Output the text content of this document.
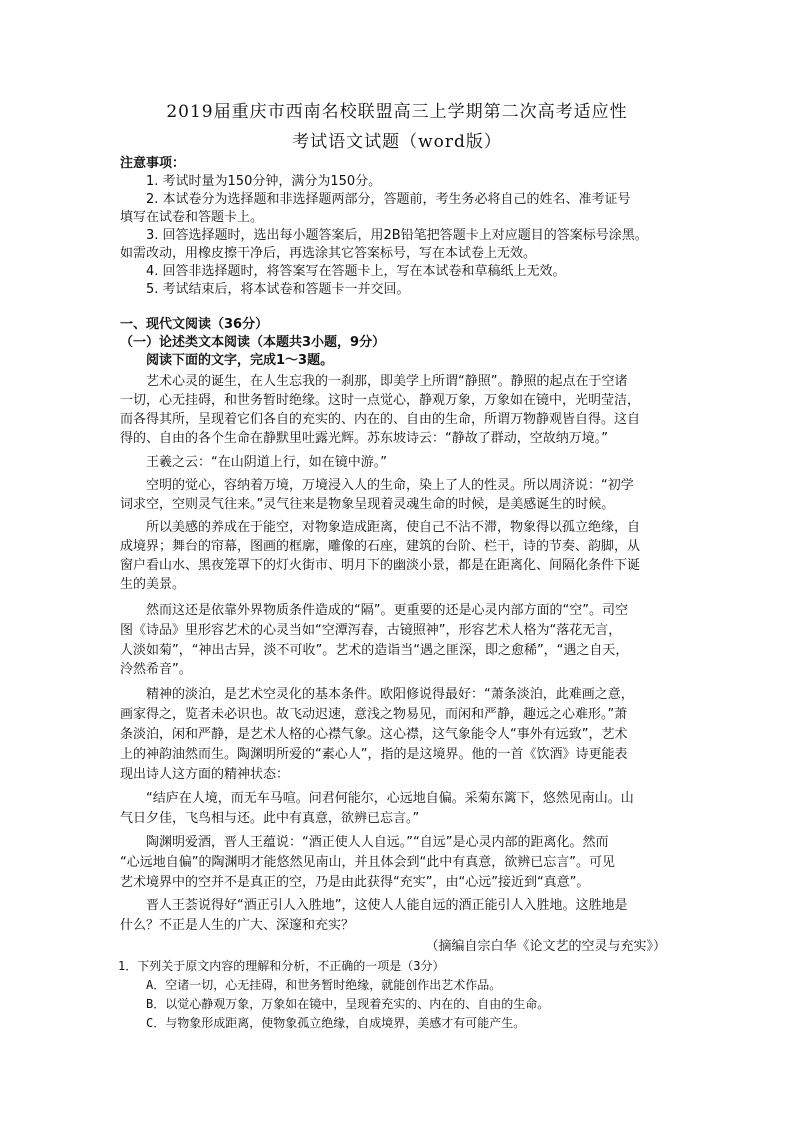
2019届重庆市西南名校联盟高三上学期第二次高考适应性
考试语文试题（word版）
注意事项：
1. 考试时量为150分钟，满分为150分。
2. 本试卷分为选择题和非选择题两部分，答题前，考生务必将自己的姓名、准考证号
填写在试卷和答题卡上。
3. 回答选择题时，选出每小题答案后，用2B铅笔把答题卡上对应题目的答案标号涂黑。
如需改动，用橡皮擦干净后，再选涂其它答案标号，写在本试卷上无效。
4. 回答非选择题时，将答案写在答题卡上，写在本试卷和草稿纸上无效。
5. 考试结束后，将本试卷和答题卡一并交回。
一、现代文阅读（36分）
（一）论述类文本阅读（本题共3小题，9分）
阅读下面的文字，完成1～3题。
艺术心灵的诞生，在人生忘我的一刹那，即美学上所谓“静照”。静照的起点在于空诸
一切，心无挂碍，和世务暂时绝缘。这时一点觉心，静观万象，万象如在镜中，光明莹洁，
而各得其所，呈现着它们各自的充实的、内在的、自由的生命，所谓万物静观皆自得。这自
得的、自由的各个生命在静默里吐露光辉。苏东坡诗云：“静故了群动，空故纳万境。”
王羲之云：“在山阴道上行，如在镜中游。”
空明的觉心，容纳着万境，万境浸入人的生命，染上了人的性灵。所以周济说：“初学
词求空，空则灵气往来。”灵气往来是物象呈现着灵魂生命的时候，是美感诞生的时候。
所以美感的养成在于能空，对物象造成距离，使自己不沾不滞，物象得以孤立绝缘，自
成境界；舞台的帘幕，图画的框廓，雕像的石座，建筑的台阶、栏干，诗的节奏、韵脚，从
窗户看山水、黑夜笼罩下的灯火街市、明月下的幽淡小景，都是在距离化、间隔化条件下诞
生的美景。
然而这还是依靠外界物质条件造成的“隔”。更重要的还是心灵内部方面的“空”。司空
图《诗品》里形容艺术的心灵当如“空潭泻春，古镜照神”，形容艺术人格为“落花无言，
人淡如菊”，“神出古异，淡不可收”。艺术的造诣当“遇之匪深，即之愈稀”，“遇之自天，
泠然希音”。
精神的淡泊，是艺术空灵化的基本条件。欧阳修说得最好：“萧条淡泊，此难画之意，
画家得之，览者未必识也。故飞动迟速，意浅之物易见，而闲和严静，趣远之心难形。”萧
条淡泊，闲和严静，是艺术人格的心襟气象。这心襟，这气象能令人“事外有远致”，艺术
上的神韵油然而生。陶渊明所爱的“素心人”，指的是这境界。他的一首《饮酒》诗更能表
现出诗人这方面的精神状态：
“结庐在人境，而无车马喧。问君何能尔，心远地自偏。采菊东篱下，悠然见南山。山
气日夕佳，飞鸟相与还。此中有真意，欲辨已忘言。”
陶渊明爱酒，晋人王蕴说：“酒正使人人自远。”“自远”是心灵内部的距离化。然而
“心远地自偏”的陶渊明才能悠然见南山，并且体会到“此中有真意，欲辨已忘言”。可见
艺术境界中的空并不是真正的空，乃是由此获得“充实”，由“心远”接近到“真意”。
晋人王荟说得好“酒正引人入胜地”，这使人人能自远的酒正能引人入胜地。这胜地是
什么？不正是人生的广大、深邃和充实？
（摘编自宗白华《论文艺的空灵与充实》）
1．下列关于原文内容的理解和分析，不正确的一项是（3分）
A．空诸一切，心无挂碍，和世务暂时绝缘，就能创作出艺术作品。
B．以觉心静观万象，万象如在镜中，呈现着充实的、内在的、自由的生命。
C．与物象形成距离，使物象孤立绝缘，自成境界，美感才有可能产生。
